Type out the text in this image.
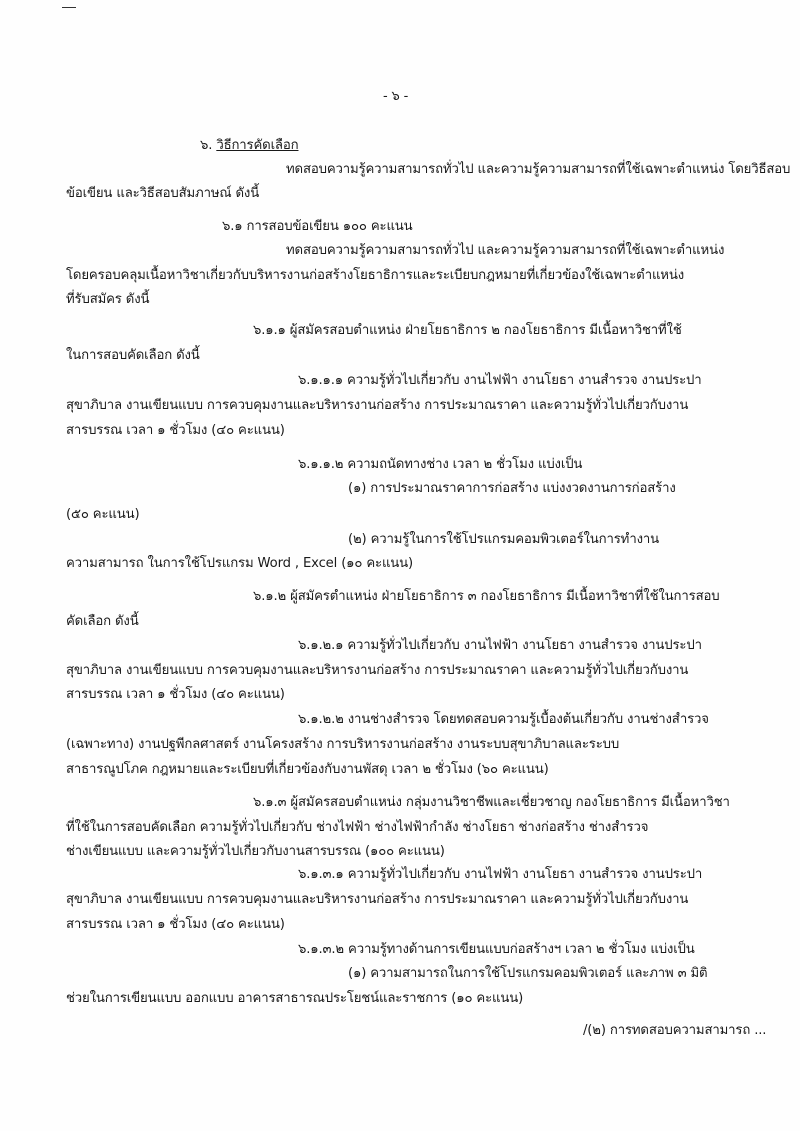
- ๖ -
๖. วิธีการคัดเลือก
ทดสอบความรู้ความสามารถทั่วไป และความรู้ความสามารถที่ใช้เฉพาะตำแหน่ง โดยวิธีสอบ
ข้อเขียน และวิธีสอบสัมภาษณ์ ดังนี้
๖.๑ การสอบข้อเขียน ๑๐๐ คะแนน
ทดสอบความรู้ความสามารถทั่วไป และความรู้ความสามารถที่ใช้เฉพาะตำแหน่ง
โดยครอบคลุมเนื้อหาวิชาเกี่ยวกับบริหารงานก่อสร้างโยธาธิการและระเบียบกฎหมายที่เกี่ยวข้องใช้เฉพาะตำแหน่ง
ที่รับสมัคร ดังนี้
๖.๑.๑ ผู้สมัครสอบตำแหน่ง ฝ่ายโยธาธิการ ๒ กองโยธาธิการ มีเนื้อหาวิชาที่ใช้
ในการสอบคัดเลือก ดังนี้
๖.๑.๑.๑ ความรู้ทั่วไปเกี่ยวกับ งานไฟฟ้า งานโยธา งานสำรวจ งานประปา
สุขาภิบาล งานเขียนแบบ การควบคุมงานและบริหารงานก่อสร้าง การประมาณราคา และความรู้ทั่วไปเกี่ยวกับงาน
สารบรรณ เวลา ๑ ชั่วโมง (๔๐ คะแนน)
๖.๑.๑.๒ ความถนัดทางช่าง เวลา ๒ ชั่วโมง แบ่งเป็น
(๑) การประมาณราคาการก่อสร้าง แบ่งงวดงานการก่อสร้าง
(๕๐ คะแนน)
(๒) ความรู้ในการใช้โปรแกรมคอมพิวเตอร์ในการทำงาน
ความสามารถ ในการใช้โปรแกรม Word , Excel (๑๐ คะแนน)
๖.๑.๒ ผู้สมัครตำแหน่ง ฝ่ายโยธาธิการ ๓ กองโยธาธิการ มีเนื้อหาวิชาที่ใช้ในการสอบ
คัดเลือก ดังนี้
๖.๑.๒.๑ ความรู้ทั่วไปเกี่ยวกับ งานไฟฟ้า งานโยธา งานสำรวจ งานประปา
สุขาภิบาล งานเขียนแบบ การควบคุมงานและบริหารงานก่อสร้าง การประมาณราคา และความรู้ทั่วไปเกี่ยวกับงาน
สารบรรณ เวลา ๑ ชั่วโมง (๔๐ คะแนน)
๖.๑.๒.๒ งานช่างสำรวจ โดยทดสอบความรู้เบื้องต้นเกี่ยวกับ งานช่างสำรวจ
(เฉพาะทาง) งานปฐพีกลศาสตร์ งานโครงสร้าง การบริหารงานก่อสร้าง งานระบบสุขาภิบาลและระบบ
สาธารณูปโภค กฎหมายและระเบียบที่เกี่ยวข้องกับงานพัสดุ เวลา ๒ ชั่วโมง (๖๐ คะแนน)
๖.๑.๓ ผู้สมัครสอบตำแหน่ง กลุ่มงานวิชาชีพและเชี่ยวชาญ กองโยธาธิการ มีเนื้อหาวิชา
ที่ใช้ในการสอบคัดเลือก ความรู้ทั่วไปเกี่ยวกับ ช่างไฟฟ้า ช่างไฟฟ้ากำลัง ช่างโยธา ช่างก่อสร้าง ช่างสำรวจ
ช่างเขียนแบบ และความรู้ทั่วไปเกี่ยวกับงานสารบรรณ (๑๐๐ คะแนน)
๖.๑.๓.๑ ความรู้ทั่วไปเกี่ยวกับ งานไฟฟ้า งานโยธา งานสำรวจ งานประปา
สุขาภิบาล งานเขียนแบบ การควบคุมงานและบริหารงานก่อสร้าง การประมาณราคา และความรู้ทั่วไปเกี่ยวกับงาน
สารบรรณ เวลา ๑ ชั่วโมง (๔๐ คะแนน)
๖.๑.๓.๒ ความรู้ทางด้านการเขียนแบบก่อสร้างฯ เวลา ๒ ชั่วโมง แบ่งเป็น
(๑) ความสามารถในการใช้โปรแกรมคอมพิวเตอร์ และภาพ ๓ มิติ
ช่วยในการเขียนแบบ ออกแบบ อาคารสาธารณประโยชน์และราชการ (๑๐ คะแนน)
/(๒) การทดสอบความสามารถ ...
